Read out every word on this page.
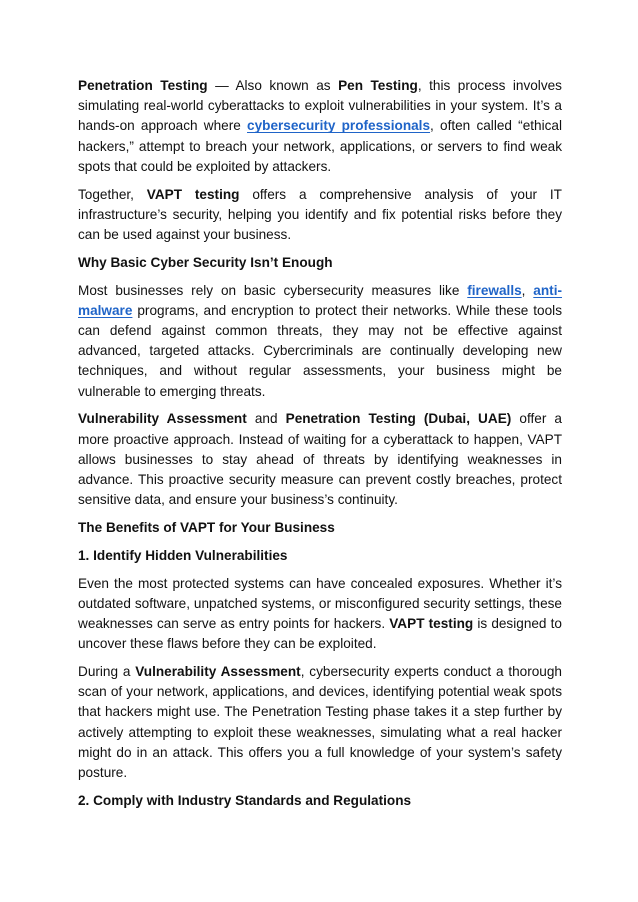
Penetration Testing — Also known as Pen Testing, this process involves simulating real-world cyberattacks to exploit vulnerabilities in your system. It’s a hands-on approach where cybersecurity professionals, often called “ethical hackers,” attempt to breach your network, applications, or servers to find weak spots that could be exploited by attackers.

Together, VAPT testing offers a comprehensive analysis of your IT infrastructure’s security, helping you identify and fix potential risks before they can be used against your business.

Why Basic Cyber Security Isn’t Enough

Most businesses rely on basic cybersecurity measures like firewalls, anti-malware programs, and encryption to protect their networks. While these tools can defend against common threats, they may not be effective against advanced, targeted attacks. Cybercriminals are continually developing new techniques, and without regular assessments, your business might be vulnerable to emerging threats.

Vulnerability Assessment and Penetration Testing (Dubai, UAE) offer a more proactive approach. Instead of waiting for a cyberattack to happen, VAPT allows businesses to stay ahead of threats by identifying weaknesses in advance. This proactive security measure can prevent costly breaches, protect sensitive data, and ensure your business’s continuity.

The Benefits of VAPT for Your Business

1. Identify Hidden Vulnerabilities

Even the most protected systems can have concealed exposures. Whether it’s outdated software, unpatched systems, or misconfigured security settings, these weaknesses can serve as entry points for hackers. VAPT testing is designed to uncover these flaws before they can be exploited.

During a Vulnerability Assessment, cybersecurity experts conduct a thorough scan of your network, applications, and devices, identifying potential weak spots that hackers might use. The Penetration Testing phase takes it a step further by actively attempting to exploit these weaknesses, simulating what a real hacker might do in an attack. This offers you a full knowledge of your system’s safety posture.

2. Comply with Industry Standards and Regulations
